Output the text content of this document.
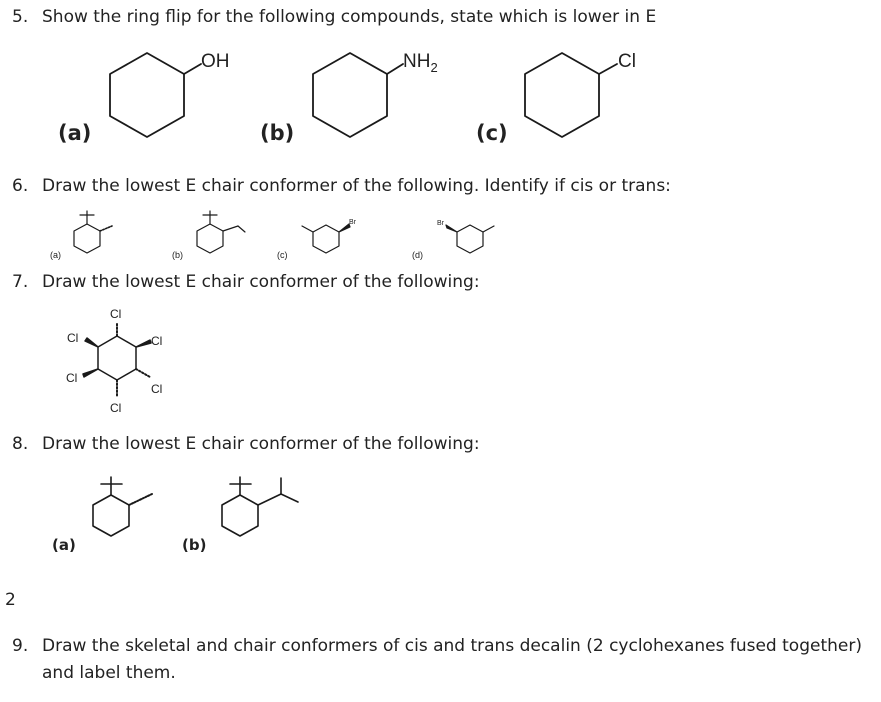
5. Show the ring flip for the following compounds, state which is lower in E
6. Draw the lowest E chair conformer of the following. Identify if cis or trans:
7. Draw the lowest E chair conformer of the following:
8. Draw the lowest E chair conformer of the following:
2
9. Draw the skeletal and chair conformers of cis and trans decalin (2 cyclohexanes fused together)
and label them.
(a)	(b)	(c)
OH	$NH_2$	Cl
(a)	(b)	(c)	(d)
Br	Br
Cl
Cl
Cl
Cl
Cl
Cl
(a)	(b)
